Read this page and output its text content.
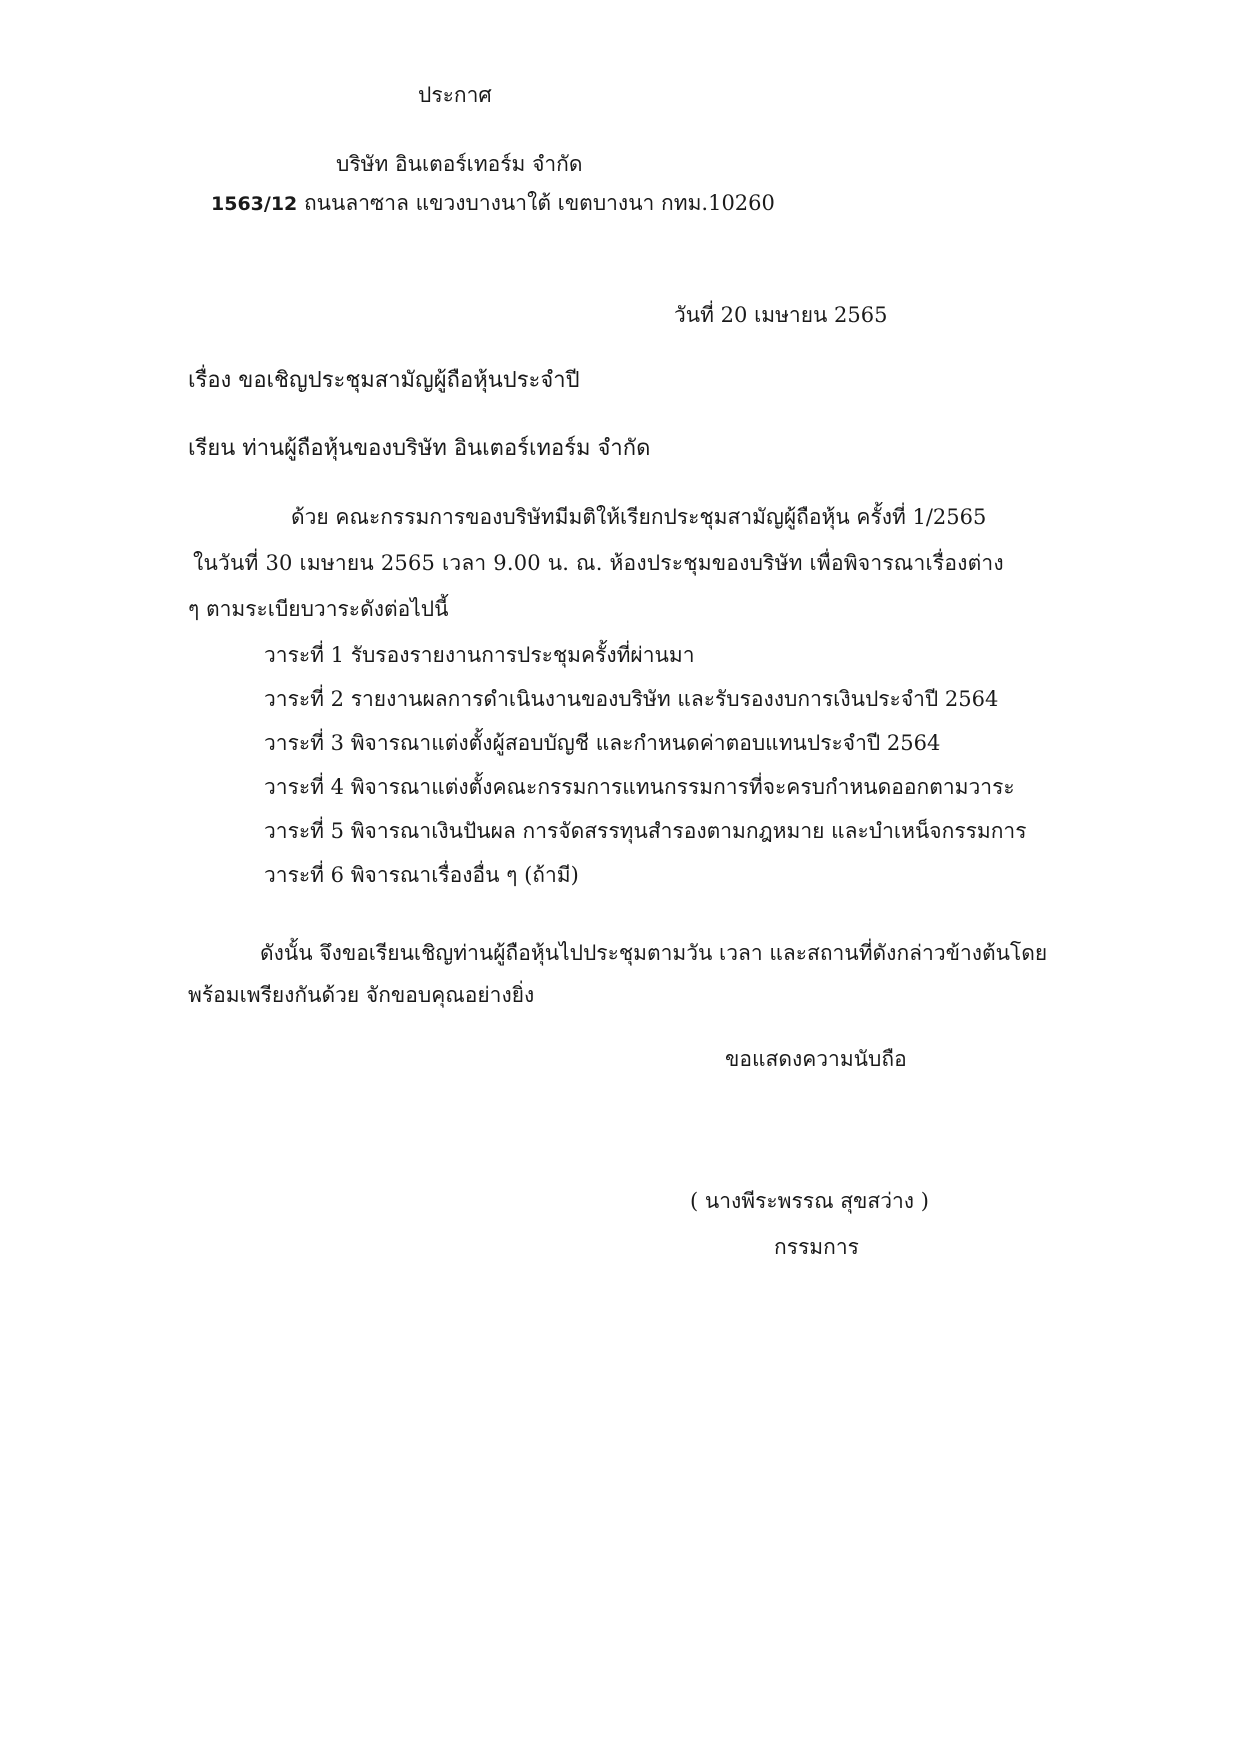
ประกาศ
บริษัท อินเตอร์เทอร์ม จำกัด
1563/12 ถนนลาซาล แขวงบางนาใต้ เขตบางนา กทม.10260
วันที่ 20 เมษายน 2565
เรื่อง ขอเชิญประชุมสามัญผู้ถือหุ้นประจำปี
เรียน ท่านผู้ถือหุ้นของบริษัท อินเตอร์เทอร์ม จำกัด
ด้วย คณะกรรมการของบริษัทมีมติให้เรียกประชุมสามัญผู้ถือหุ้น ครั้งที่ 1/2565
ในวันที่ 30 เมษายน 2565 เวลา 9.00 น. ณ. ห้องประชุมของบริษัท เพื่อพิจารณาเรื่องต่าง
ๆ ตามระเบียบวาระดังต่อไปนี้
วาระที่ 1 รับรองรายงานการประชุมครั้งที่ผ่านมา
วาระที่ 2 รายงานผลการดำเนินงานของบริษัท และรับรองงบการเงินประจำปี 2564
วาระที่ 3 พิจารณาแต่งตั้งผู้สอบบัญชี และกำหนดค่าตอบแทนประจำปี 2564
วาระที่ 4 พิจารณาแต่งตั้งคณะกรรมการแทนกรรมการที่จะครบกำหนดออกตามวาระ
วาระที่ 5 พิจารณาเงินปันผล การจัดสรรทุนสำรองตามกฎหมาย และบำเหน็จกรรมการ
วาระที่ 6 พิจารณาเรื่องอื่น ๆ (ถ้ามี)
ดังนั้น จึงขอเรียนเชิญท่านผู้ถือหุ้นไปประชุมตามวัน เวลา และสถานที่ดังกล่าวข้างต้นโดย
พร้อมเพรียงกันด้วย จักขอบคุณอย่างยิ่ง
ขอแสดงความนับถือ
( นางพีระพรรณ สุขสว่าง )
กรรมการ
